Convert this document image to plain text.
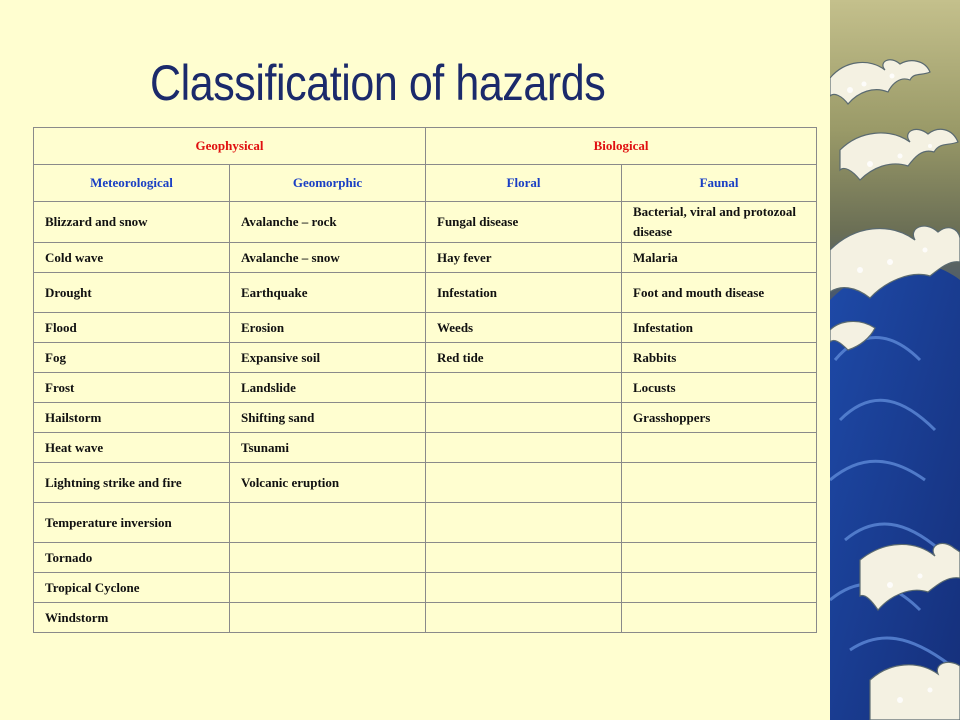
Classification of hazards
Geophysical		Biological	
Meteorological	Geomorphic	Floral	Faunal
Blizzard and snow	Avalanche – rock	Fungal disease	Bacterial, viral and protozoal disease
Cold wave	Avalanche – snow	Hay fever	Malaria
Drought	Earthquake	Infestation	Foot and mouth disease
Flood	Erosion	Weeds	Infestation
Fog	Expansive soil	Red tide	Rabbits
Frost	Landslide		Locusts
Hailstorm	Shifting sand		Grasshoppers
Heat wave	Tsunami		
Lightning strike and fire	Volcanic eruption		
Temperature inversion			
Tornado			
Tropical Cyclone			
Windstorm			
